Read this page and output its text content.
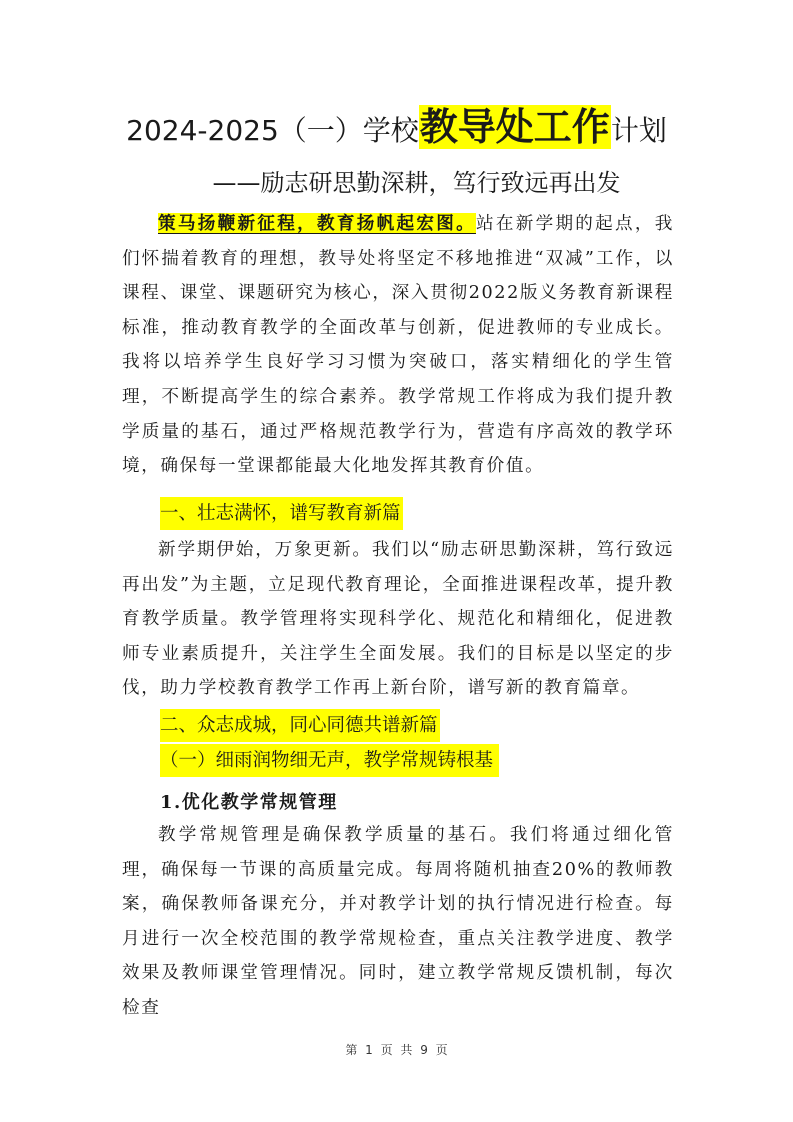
2024-2025（一）学校教导处工作计划
——励志研思勤深耕，笃行致远再出发

策马扬鞭新征程，教育扬帆起宏图。站在新学期的起点，我们怀揣着教育的理想，教导处将坚定不移地推进“双减”工作，以课程、课堂、课题研究为核心，深入贯彻2022版义务教育新课程标准，推动教育教学的全面改革与创新，促进教师的专业成长。我将以培养学生良好学习习惯为突破口，落实精细化的学生管理，不断提高学生的综合素养。教学常规工作将成为我们提升教学质量的基石，通过严格规范教学行为，营造有序高效的教学环境，确保每一堂课都能最大化地发挥其教育价值。

一、壮志满怀，谱写教育新篇

新学期伊始，万象更新。我们以“励志研思勤深耕，笃行致远再出发”为主题，立足现代教育理论，全面推进课程改革，提升教育教学质量。教学管理将实现科学化、规范化和精细化，促进教师专业素质提升，关注学生全面发展。我们的目标是以坚定的步伐，助力学校教育教学工作再上新台阶，谱写新的教育篇章。

二、众志成城，同心同德共谱新篇
（一）细雨润物细无声，教学常规铸根基
1.优化教学常规管理

教学常规管理是确保教学质量的基石。我们将通过细化管理，确保每一节课的高质量完成。每周将随机抽查20%的教师教案，确保教师备课充分，并对教学计划的执行情况进行检查。每月进行一次全校范围的教学常规检查，重点关注教学进度、教学效果及教师课堂管理情况。同时，建立教学常规反馈机制，每次检查

第 1 页 共 9 页
